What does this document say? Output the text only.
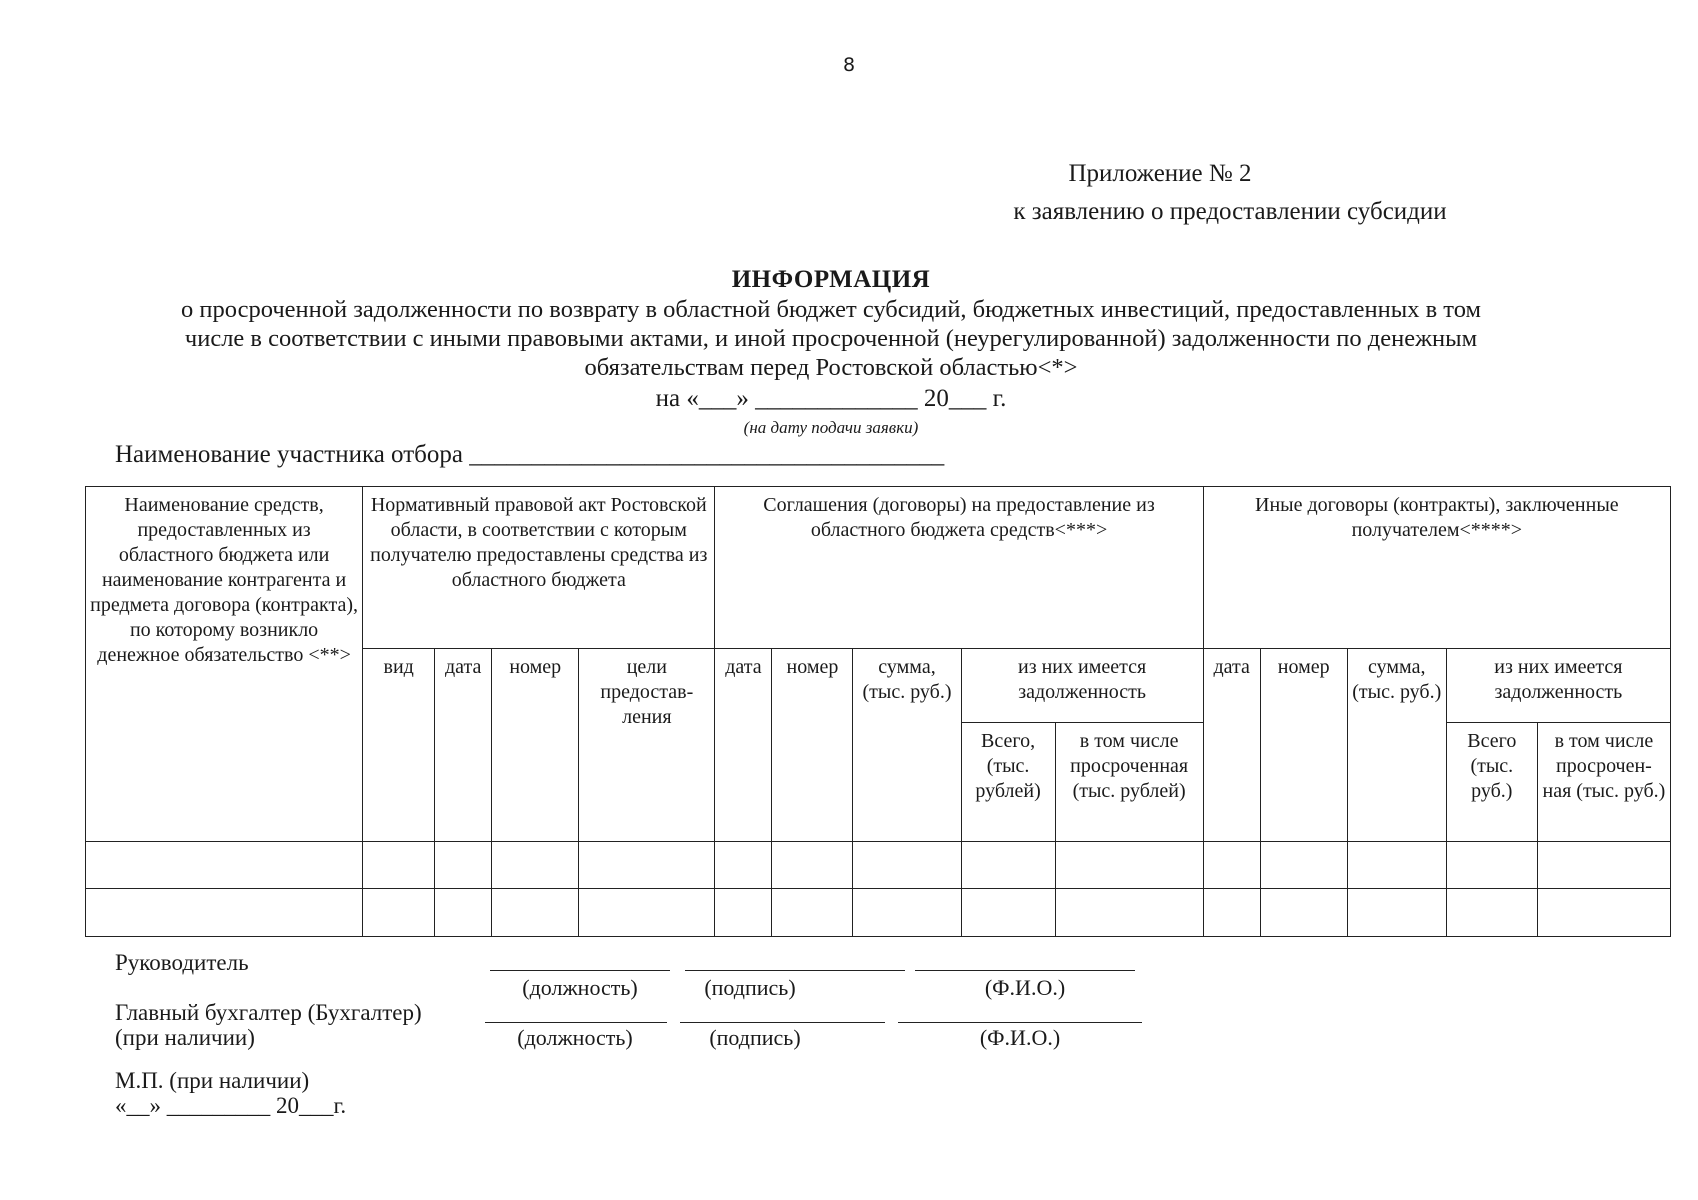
8
Приложение № 2
к заявлению о предоставлении субсидии
ИНФОРМАЦИЯ
о просроченной задолженности по возврату в областной бюджет субсидий, бюджетных инвестиций, предоставленных в том
числе в соответствии с иными правовыми актами, и иной просроченной (неурегулированной) задолженности по денежным
обязательствам перед Ростовской областью<*>
на «___» _____________ 20___ г.
(на дату подачи заявки)
Наименование участника отбора ______________________________________
Наименование средств, предоставленных из областного бюджета или наименование контрагента и предмета договора (контракта), по которому возникло денежное обязательство <**>	Нормативный правовой акт Ростовской области, в соответствии с которым получателю предоставлены средства из областного бюджета				Соглашения (договоры) на предоставление из областного бюджета средств<***>					Иные договоры (контракты), заключенные получателем<****>				
	вид	дата	номер	цели предостав-ления	дата	номер	сумма, (тыс. руб.)	из них имеется задолженность		дата	номер	сумма, (тыс. руб.)	из них имеется задолженность	
								Всего, (тыс. рублей)	в том числе просроченная (тыс. рублей)				Всего (тыс. руб.)	в том числе просрочен-ная (тыс. руб.)

Руководитель
(должность)	(подпись)	(Ф.И.О.)
Главный бухгалтер (Бухгалтер)
(при наличии)	(должность)	(подпись)	(Ф.И.О.)
М.П. (при наличии)
«__» _________ 20___г.
